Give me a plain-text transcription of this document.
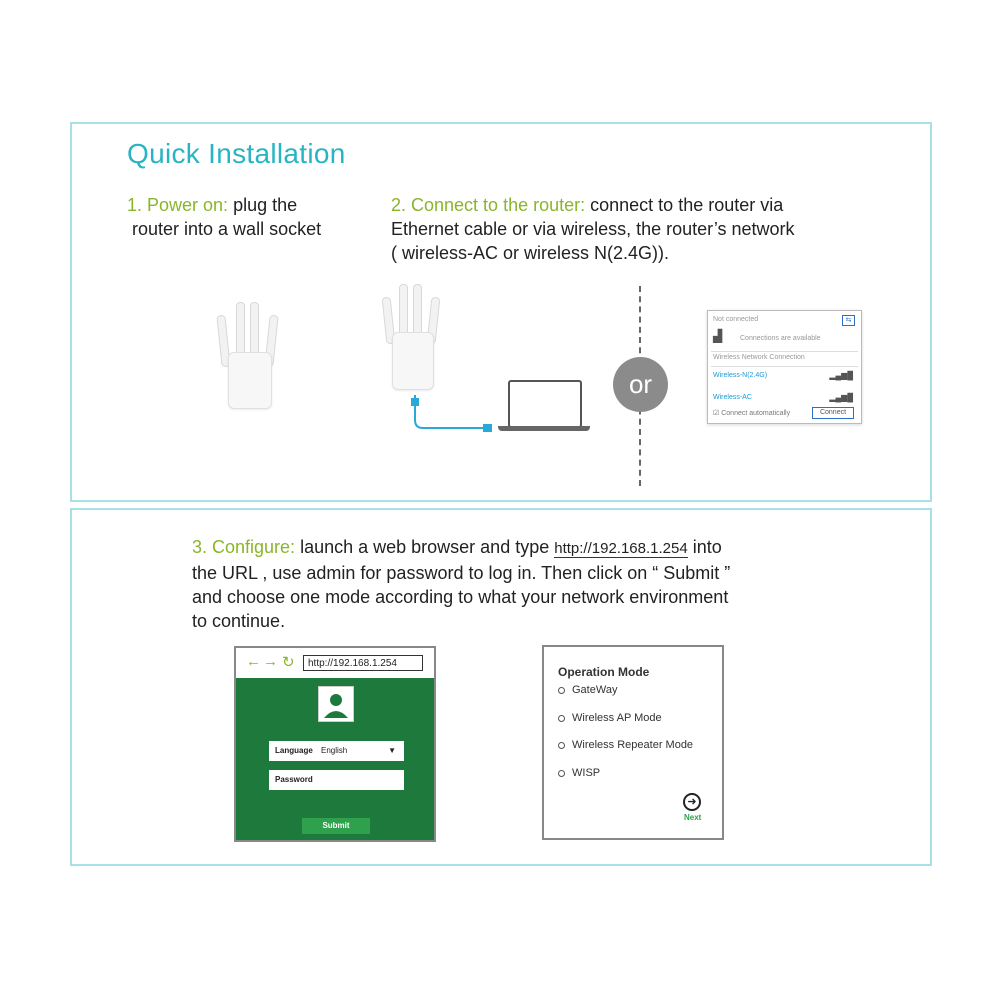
Quick Installation
1. Power on: plug the
router into a wall socket
2. Connect to the router: connect to the router via
Ethernet cable or via wireless, the router’s network
( wireless-AC or wireless N(2.4G)).
or
Not connected	⇆
▟	Connections are available
Wireless Network Connection
Wireless-N(2.4G)	▂▄▆█
Wireless-AC	▂▄▆█
☑ Connect automatically	Connect
3. Configure: launch a web browser and type http://192.168.1.254 into
the URL , use admin for password to log in. Then click on “ Submit ”
and choose one mode according to what your network environment
to continue.
← → ↻	http://192.168.1.254
Language English	▼
Password
Submit
Operation Mode
GateWay
Wireless AP Mode
Wireless Repeater Mode
WISP
➜
Next
